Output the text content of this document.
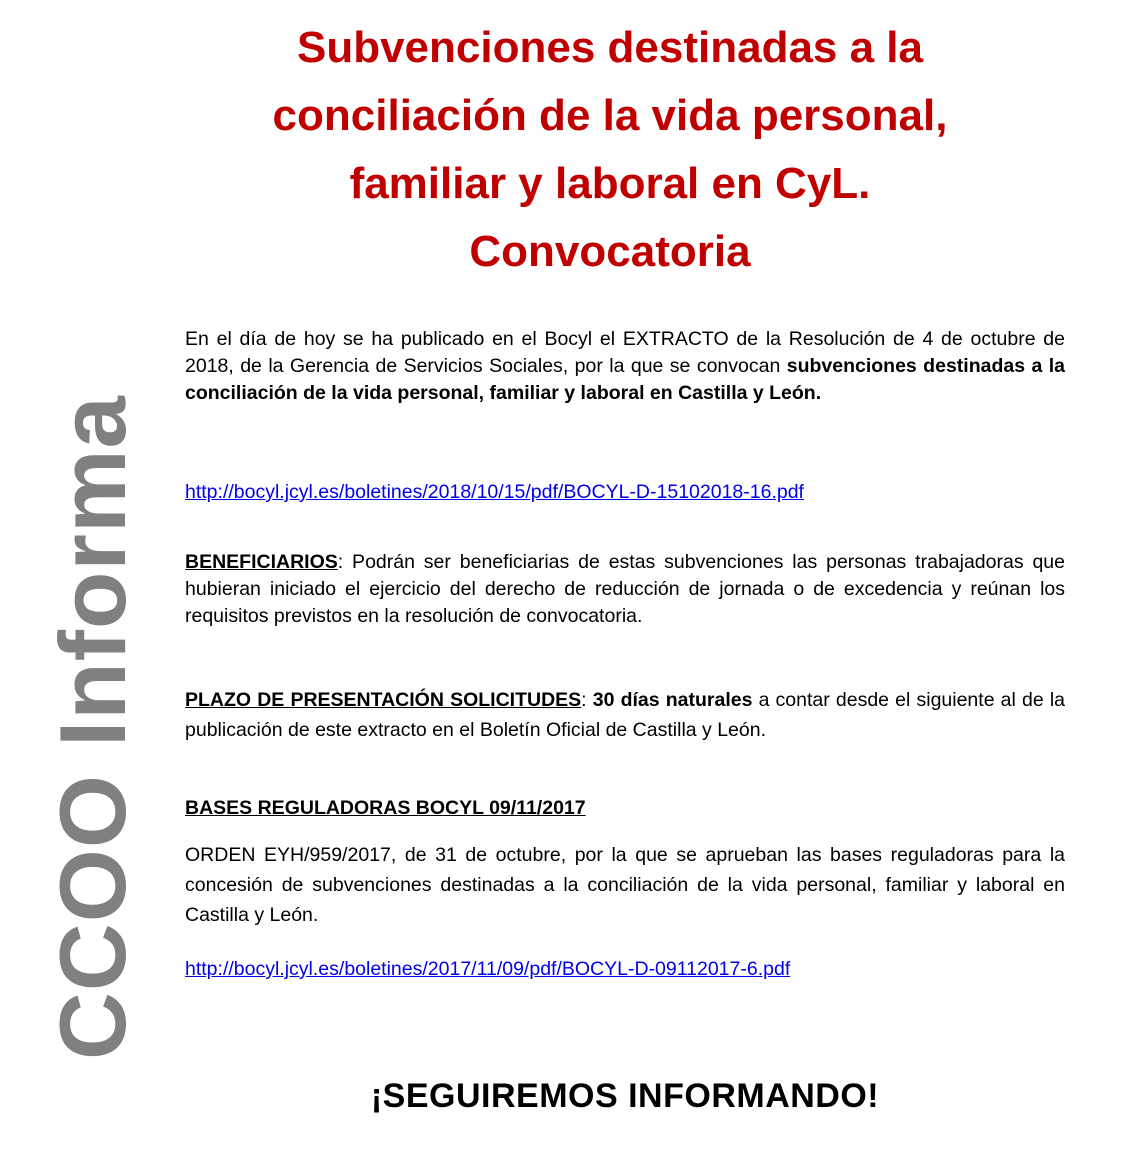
Subvenciones destinadas a la
conciliación de la vida personal,
familiar y laboral en CyL.
Convocatoria
CCOO Informa

En el día de hoy se ha publicado en el Bocyl el EXTRACTO de la Resolución de 4 de octubre de 2018, de la Gerencia de Servicios Sociales, por la que se convocan subvenciones destinadas a la conciliación de la vida personal, familiar y laboral en Castilla y León.

http://bocyl.jcyl.es/boletines/2018/10/15/pdf/BOCYL-D-15102018-16.pdf

BENEFICIARIOS: Podrán ser beneficiarias de estas subvenciones las personas trabajadoras que hubieran iniciado el ejercicio del derecho de reducción de jornada o de excedencia y reúnan los requisitos previstos en la resolución de convocatoria.

PLAZO DE PRESENTACIÓN SOLICITUDES: 30 días naturales a contar desde el siguiente al de la publicación de este extracto en el Boletín Oficial de Castilla y León.

BASES REGULADORAS BOCYL 09/11/2017

ORDEN EYH/959/2017, de 31 de octubre, por la que se aprueban las bases reguladoras para la concesión de subvenciones destinadas a la conciliación de la vida personal, familiar y laboral en Castilla y León.

http://bocyl.jcyl.es/boletines/2017/11/09/pdf/BOCYL-D-09112017-6.pdf

¡SEGUIREMOS INFORMANDO!
